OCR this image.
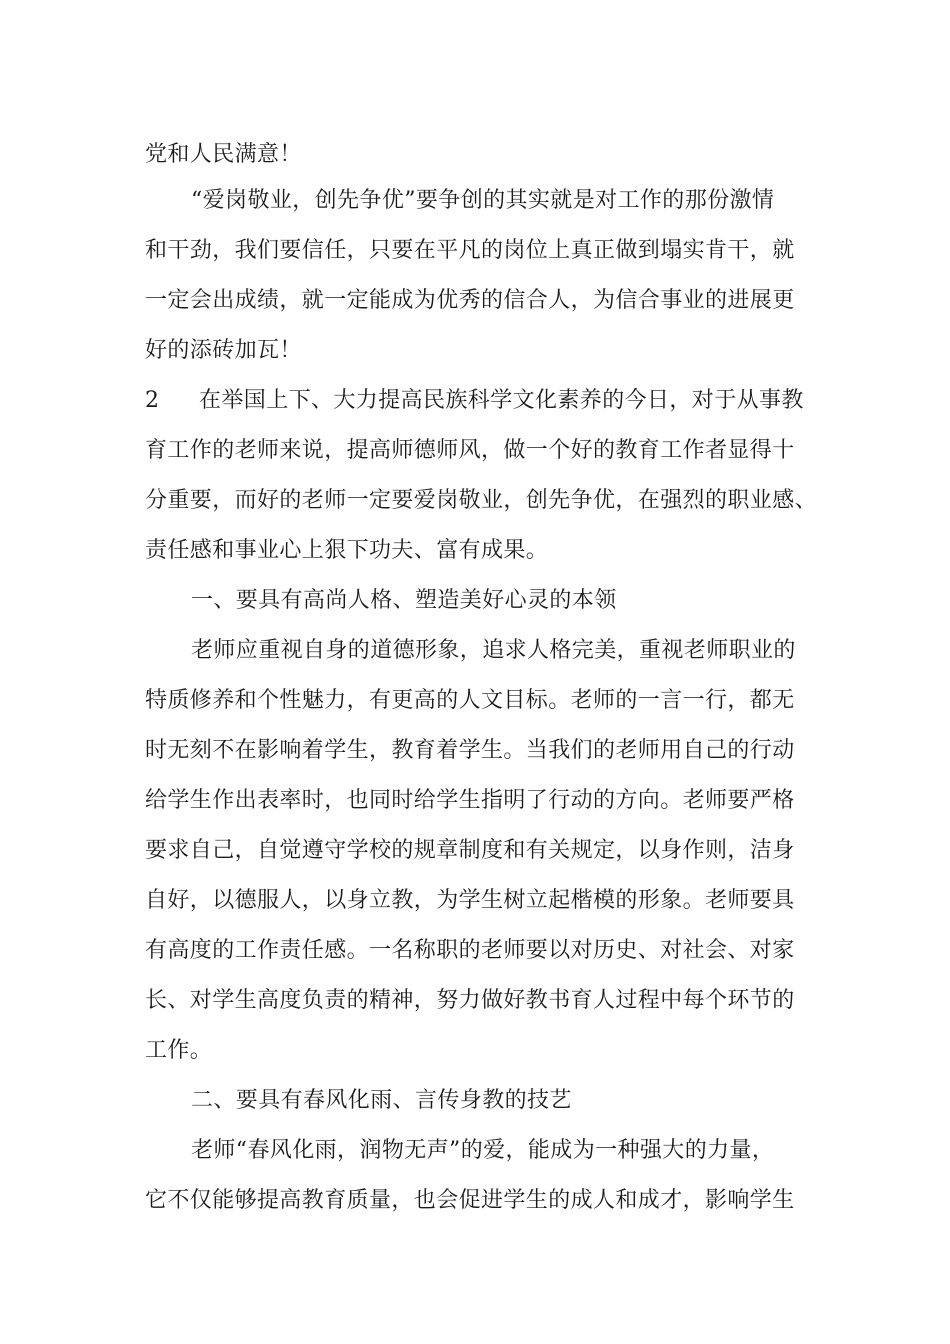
党和人民满意！
“爱岗敬业，创先争优”要争创的其实就是对工作的那份激情
和干劲，我们要信任，只要在平凡的岗位上真正做到塌实肯干，就
一定会出成绩，就一定能成为优秀的信合人，为信合事业的进展更
好的添砖加瓦！
2 在举国上下、大力提高民族科学文化素养的今日，对于从事教
育工作的老师来说，提高师德师风，做一个好的教育工作者显得十
分重要，而好的老师一定要爱岗敬业，创先争优，在强烈的职业感、
责任感和事业心上狠下功夫、富有成果。
一、要具有高尚人格、塑造美好心灵的本领
老师应重视自身的道德形象，追求人格完美，重视老师职业的
特质修养和个性魅力，有更高的人文目标。老师的一言一行，都无
时无刻不在影响着学生，教育着学生。当我们的老师用自己的行动
给学生作出表率时，也同时给学生指明了行动的方向。老师要严格
要求自己，自觉遵守学校的规章制度和有关规定，以身作则，洁身
自好，以德服人，以身立教，为学生树立起楷模的形象。老师要具
有高度的工作责任感。一名称职的老师要以对历史、对社会、对家
长、对学生高度负责的精神，努力做好教书育人过程中每个环节的
工作。
二、要具有春风化雨、言传身教的技艺
老师“春风化雨，润物无声”的爱，能成为一种强大的力量，
它不仅能够提高教育质量，也会促进学生的成人和成才，影响学生
